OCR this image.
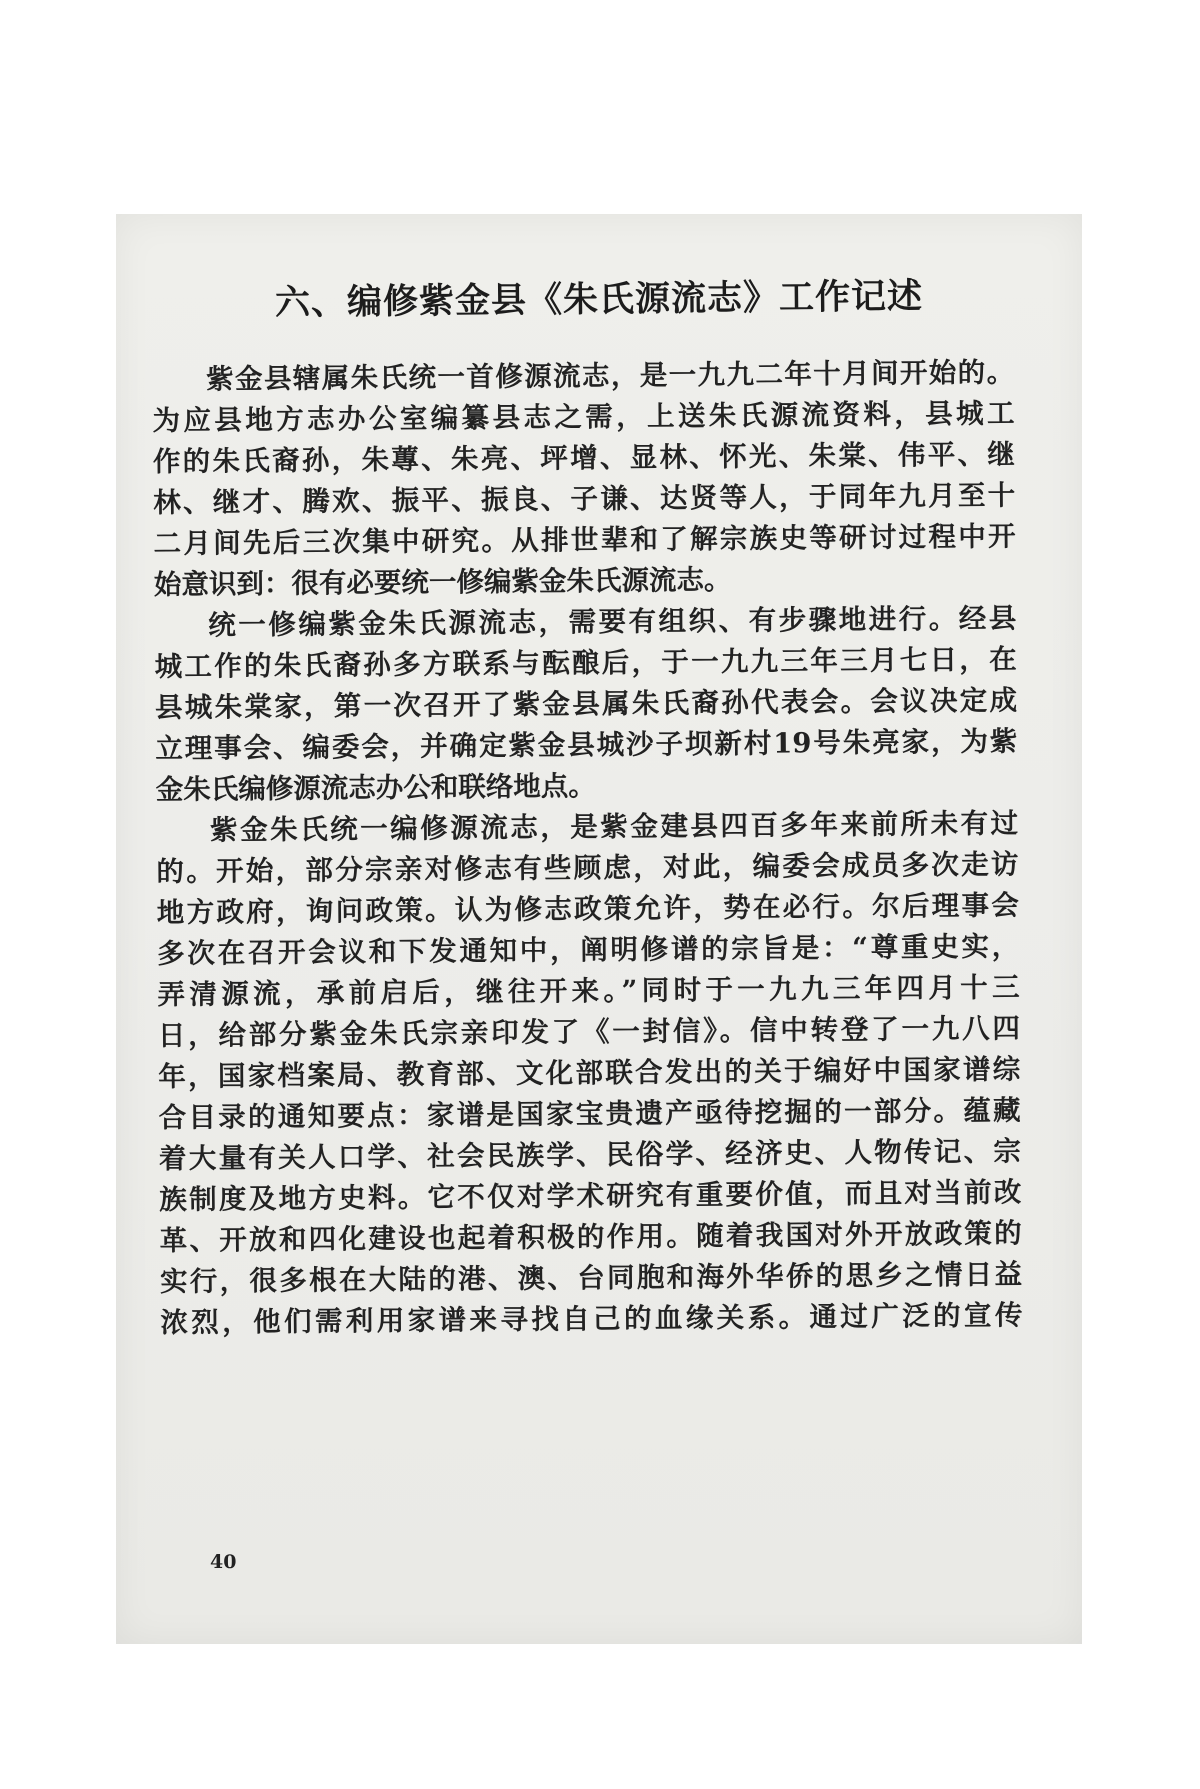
六、编修紫金县《朱氏源流志》工作记述
紫金县辖属朱氏统一首修源流志，是一九九二年十月间开始的。
为应县地方志办公室编纂县志之需，上送朱氏源流资料，县城工
作的朱氏裔孙，朱蓴、朱亮、坪增、显林、怀光、朱棠、伟平、继
林、继才、腾欢、振平、振良、子谦、达贤等人，于同年九月至十
二月间先后三次集中研究。从排世辈和了解宗族史等研讨过程中开
始意识到：很有必要统一修编紫金朱氏源流志。
统一修编紫金朱氏源流志，需要有组织、有步骤地进行。经县
城工作的朱氏裔孙多方联系与酝酿后，于一九九三年三月七日，在
县城朱棠家，第一次召开了紫金县属朱氏裔孙代表会。会议决定成
立理事会、编委会，并确定紫金县城沙子坝新村19号朱亮家，为紫
金朱氏编修源流志办公和联络地点。
紫金朱氏统一编修源流志，是紫金建县四百多年来前所未有过
的。开始，部分宗亲对修志有些顾虑，对此，编委会成员多次走访
地方政府，询问政策。认为修志政策允许，势在必行。尔后理事会
多次在召开会议和下发通知中，阐明修谱的宗旨是：“尊重史实，
弄清源流，承前启后，继往开来。”同时于一九九三年四月十三
日，给部分紫金朱氏宗亲印发了《一封信》。信中转登了一九八四
年，国家档案局、教育部、文化部联合发出的关于编好中国家谱综
合目录的通知要点：家谱是国家宝贵遗产亟待挖掘的一部分。蕴藏
着大量有关人口学、社会民族学、民俗学、经济史、人物传记、宗
族制度及地方史料。它不仅对学术研究有重要价值，而且对当前改
革、开放和四化建设也起着积极的作用。随着我国对外开放政策的
实行，很多根在大陆的港、澳、台同胞和海外华侨的思乡之情日益
浓烈，他们需利用家谱来寻找自己的血缘关系。通过广泛的宣传
40
